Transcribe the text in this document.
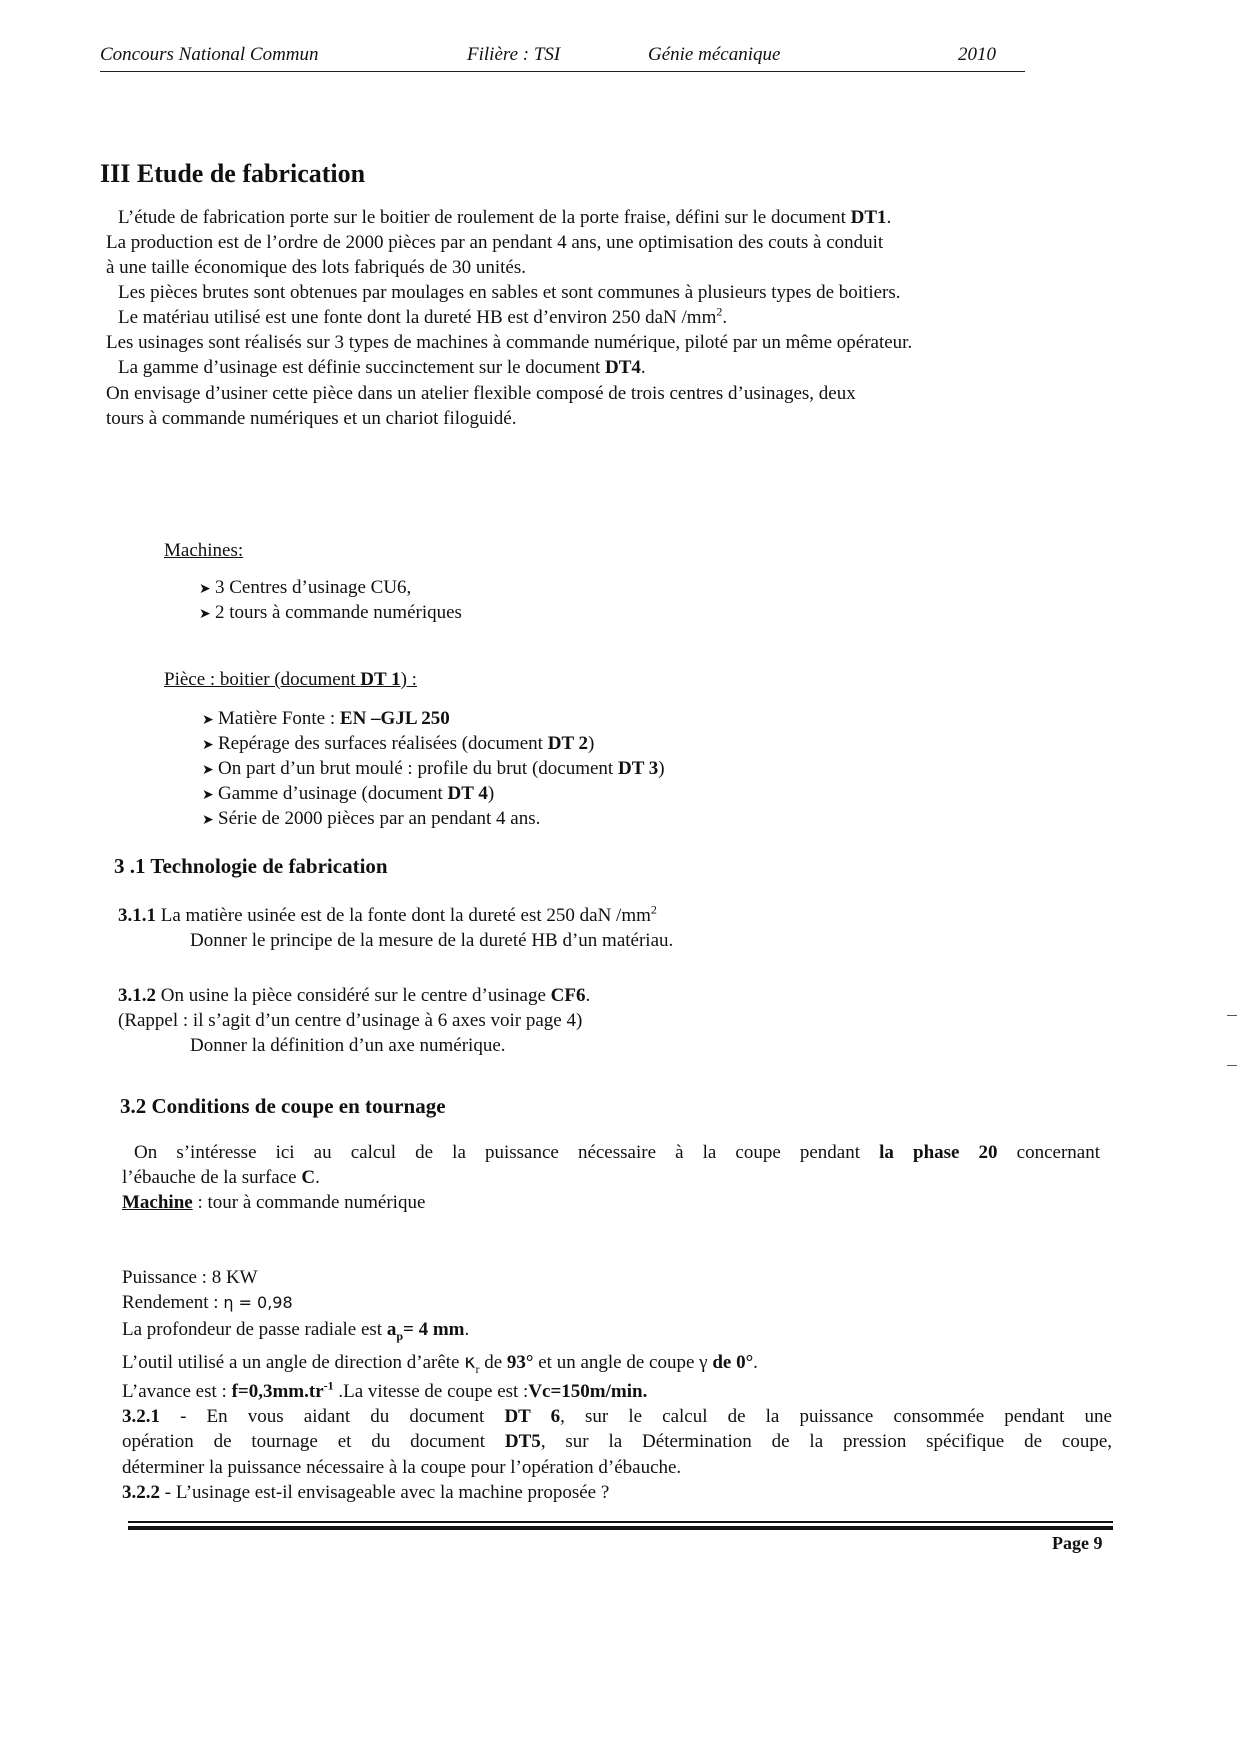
Concours National Commun	Filière : TSI	Génie mécanique	2010
III Etude de fabrication

L’étude de fabrication porte sur le boitier de roulement de la porte fraise, défini sur le document DT1.

La production est de l’ordre de 2000 pièces par an pendant 4 ans, une optimisation des couts à conduit

à une taille économique des lots fabriqués de 30 unités.

Les pièces brutes sont obtenues par moulages en sables et sont communes à plusieurs types de boitiers.

Le matériau utilisé est une fonte dont la dureté HB est d’environ 250 daN $/mm^2$.

Les usinages sont réalisés sur 3 types de machines à commande numérique, piloté par un même opérateur.

La gamme d’usinage est définie succinctement sur le document DT4.

On envisage d’usiner cette pièce dans un atelier flexible composé de trois centres d’usinages, deux

tours à commande numériques et un chariot filoguidé.

Machines:

➤ 3 Centres d’usinage CU6,
➤ 2 tours à commande numériques

Pièce : boitier (document DT 1) :

➤ Matière Fonte : EN –GJL 250
➤ Repérage des surfaces réalisées (document DT 2)
➤ On part d’un brut moulé : profile du brut (document DT 3)
➤ Gamme d’usinage (document DT 4)
➤ Série de 2000 pièces par an pendant 4 ans.
3 .1 Technologie de fabrication

3.1.1 La matière usinée est de la fonte dont la dureté est 250 daN $/mm^2$

Donner le principe de la mesure de la dureté HB d’un matériau.

3.1.2 On usine la pièce considéré sur le centre d’usinage CF6.

(Rappel : il s’agit d’un centre d’usinage à 6 axes voir page 4)

Donner la définition d’un axe numérique.

3.2 Conditions de coupe en tournage

On s’intéresse ici au calcul de la puissance nécessaire à la coupe pendant la phase 20 concernant

l’ébauche de la surface C.

Machine : tour à commande numérique

Puissance : 8 KW

Rendement : η = 0,98

La profondeur de passe radiale est $a_p= 4$ mm.

L’outil utilisé a un angle de direction d’arête $\kappa_r$ de 93° et un angle de coupe γ de 0°.

L’avance est : $f=0,3mm.tr^{-1}$ .La vitesse de coupe est :Vc=150m/min.

3.2.1 - En vous aidant du document DT 6, sur le calcul de la puissance consommée pendant une

opération de tournage et du document DT5, sur la Détermination de la pression spécifique de coupe,

déterminer la puissance nécessaire à la coupe pour l’opération d’ébauche.

3.2.2 - L’usinage est-il envisageable avec la machine proposée ?

Page 9
